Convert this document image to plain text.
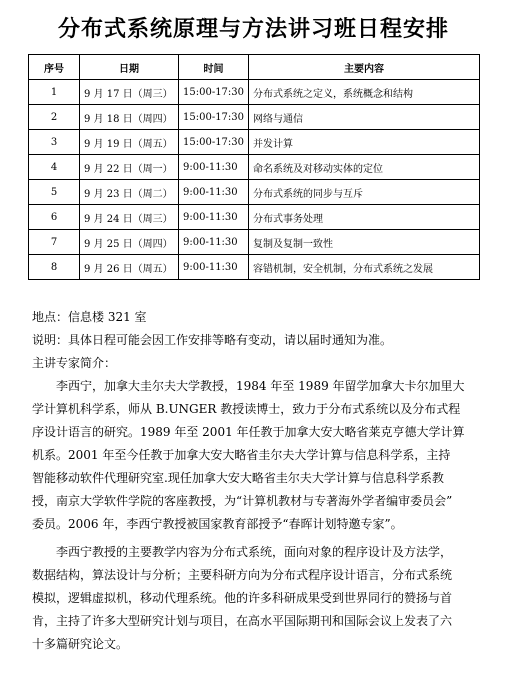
分布式系统原理与方法讲习班日程安排
序号	日期	时间	主要内容
1	9 月 17 日（周三）	15:00-17:30	分布式系统之定义，系统概念和结构
2	9 月 18 日（周四）	15:00-17:30	网络与通信
3	9 月 19 日（周五）	15:00-17:30	并发计算
4	9 月 22 日（周一）	9:00-11:30	命名系统及对移动实体的定位
5	9 月 23 日（周二）	9:00-11:30	分布式系统的同步与互斥
6	9 月 24 日（周三）	9:00-11:30	分布式事务处理
7	9 月 25 日（周四）	9:00-11:30	复制及复制一致性
8	9 月 26 日（周五）	9:00-11:30	容错机制，安全机制，分布式系统之发展
地点：信息楼 321 室
说明：具体日程可能会因工作安排等略有变动，请以届时通知为准。
主讲专家简介：
　　李西宁，加拿大圭尔夫大学教授，1984 年至 1989 年留学加拿大卡尔加里大
学计算机科学系，师从 B.UNGER 教授读博士，致力于分布式系统以及分布式程
序设计语言的研究。1989 年至 2001 年任教于加拿大安大略省莱克亨德大学计算
机系。2001 年至今任教于加拿大安大略省圭尔夫大学计算与信息科学系，主持
智能移动软件代理研究室.现任加拿大安大略省圭尔夫大学计算与信息科学系教
授，南京大学软件学院的客座教授，为“计算机教材与专著海外学者编审委员会”
委员。2006 年，李西宁教授被国家教育部授予“春晖计划特邀专家”。
　　李西宁教授的主要教学内容为分布式系统，面向对象的程序设计及方法学，
数据结构，算法设计与分析；主要科研方向为分布式程序设计语言，分布式系统
模拟，逻辑虚拟机，移动代理系统。他的许多科研成果受到世界同行的赞扬与首
肯，主持了许多大型研究计划与项目，在高水平国际期刊和国际会议上发表了六
十多篇研究论文。
